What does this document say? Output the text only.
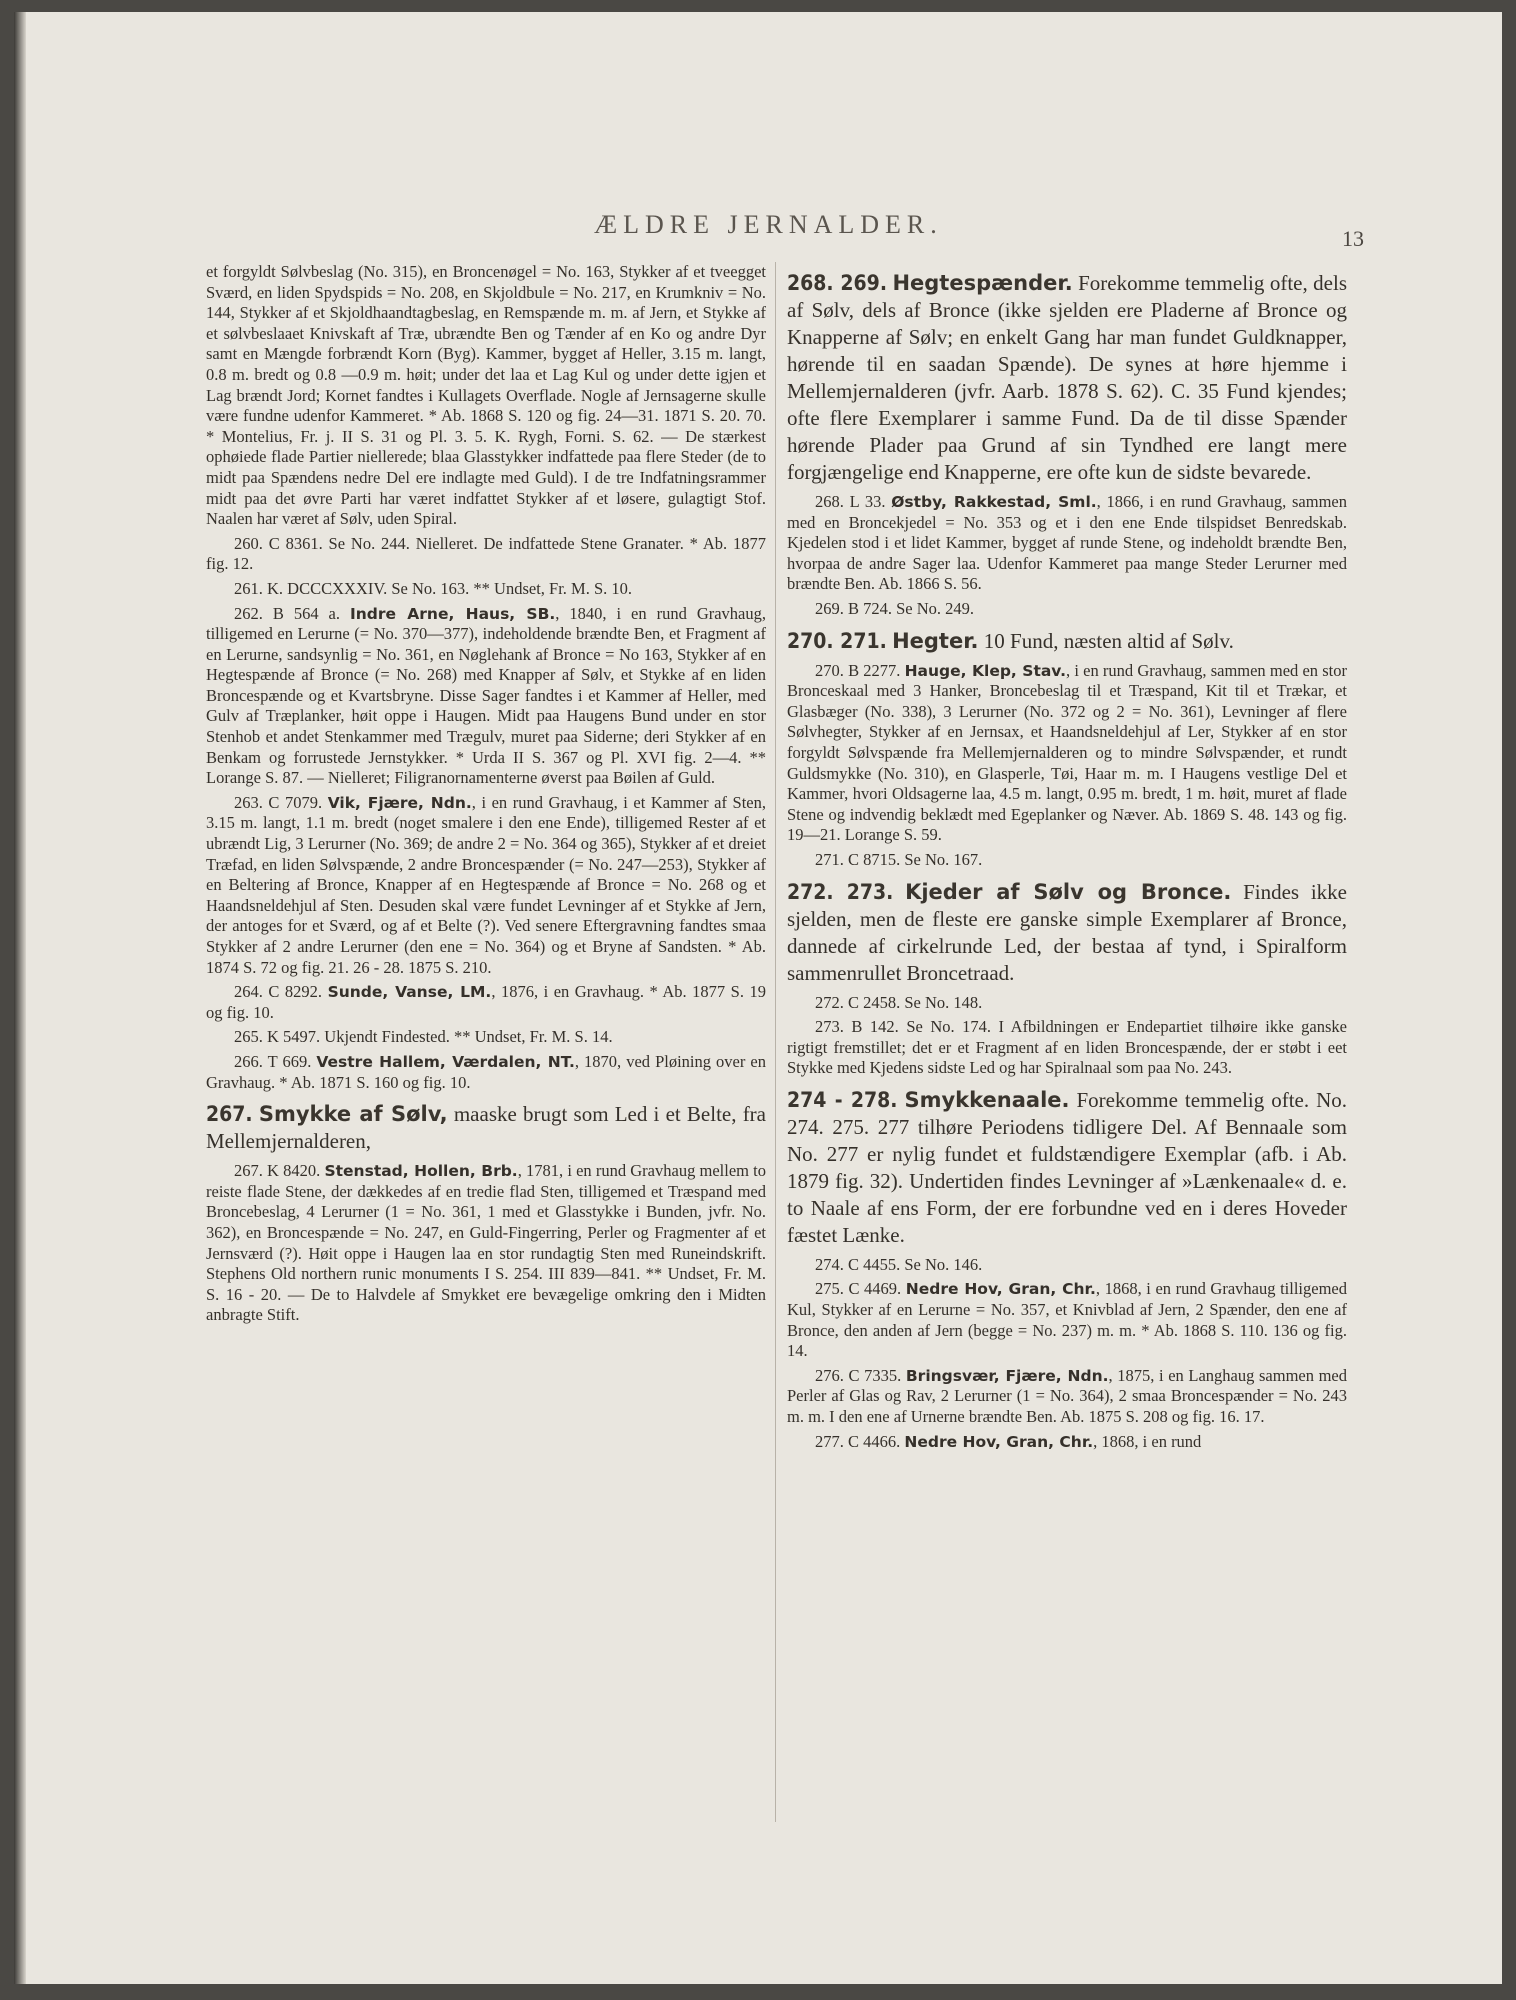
ÆLDRE JERNALDER.	13

et forgyldt Sølvbeslag (No. 315), en Broncenøgel = No. 163, Stykker af et tveegget Sværd, en liden Spydspids = No. 208, en Skjoldbule = No. 217, en Krumkniv = No. 144, Stykker af et Skjoldhaandtagbeslag, en Remspænde m. m. af Jern, et Stykke af et sølvbeslaaet Knivskaft af Træ, ubrændte Ben og Tænder af en Ko og andre Dyr samt en Mængde forbrændt Korn (Byg). Kammer, bygget af Heller, 3.15 m. langt, 0.8 m. bredt og 0.8 —0.9 m. høit; under det laa et Lag Kul og under dette igjen et Lag brændt Jord; Kornet fandtes i Kullagets Overflade. Nogle af Jernsagerne skulle være fundne udenfor Kammeret. * Ab. 1868 S. 120 og fig. 24—31. 1871 S. 20. 70. * Montelius, Fr. j. II S. 31 og Pl. 3. 5. K. Rygh, Forni. S. 62. — De stærkest ophøiede flade Partier niellerede; blaa Glasstykker indfattede paa flere Steder (de to midt paa Spændens nedre Del ere indlagte med Guld). I de tre Indfatningsrammer midt paa det øvre Parti har været indfattet Stykker af et løsere, gulagtigt Stof. Naalen har været af Sølv, uden Spiral.

260. C 8361. Se No. 244. Nielleret. De indfattede Stene Granater. * Ab. 1877 fig. 12.

261. K. DCCCXXXIV. Se No. 163. ** Undset, Fr. M. S. 10.

262. B 564 a. Indre Arne, Haus, SB., 1840, i en rund Gravhaug, tilligemed en Lerurne (= No. 370—377), indeholdende brændte Ben, et Fragment af en Lerurne, sandsynlig = No. 361, en Nøglehank af Bronce = No 163, Stykker af en Hegtespænde af Bronce (= No. 268) med Knapper af Sølv, et Stykke af en liden Broncespænde og et Kvartsbryne. Disse Sager fandtes i et Kammer af Heller, med Gulv af Træplanker, høit oppe i Haugen. Midt paa Haugens Bund under en stor Stenhob et andet Stenkammer med Trægulv, muret paa Siderne; deri Stykker af en Benkam og forrustede Jernstykker. * Urda II S. 367 og Pl. XVI fig. 2—4. ** Lorange S. 87. — Nielleret; Filigranornamenterne øverst paa Bøilen af Guld.

263. C 7079. Vik, Fjære, Ndn., i en rund Gravhaug, i et Kammer af Sten, 3.15 m. langt, 1.1 m. bredt (noget smalere i den ene Ende), tilligemed Rester af et ubrændt Lig, 3 Lerurner (No. 369; de andre 2 = No. 364 og 365), Stykker af et dreiet Træfad, en liden Sølvspænde, 2 andre Broncespænder (= No. 247—253), Stykker af en Beltering af Bronce, Knapper af en Hegtespænde af Bronce = No. 268 og et Haandsneldehjul af Sten. Desuden skal være fundet Levninger af et Stykke af Jern, der antoges for et Sværd, og af et Belte (?). Ved senere Eftergravning fandtes smaa Stykker af 2 andre Lerurner (den ene = No. 364) og et Bryne af Sandsten. * Ab. 1874 S. 72 og fig. 21. 26 - 28. 1875 S. 210.

264. C 8292. Sunde, Vanse, LM., 1876, i en Gravhaug. * Ab. 1877 S. 19 og fig. 10.

265. K 5497. Ukjendt Findested. ** Undset, Fr. M. S. 14.

266. T 669. Vestre Hallem, Værdalen, NT., 1870, ved Pløining over en Gravhaug. * Ab. 1871 S. 160 og fig. 10.

267. Smykke af Sølv, maaske brugt som Led i et Belte, fra Mellemjernalderen,

267. K 8420. Stenstad, Hollen, Brb., 1781, i en rund Gravhaug mellem to reiste flade Stene, der dækkedes af en tredie flad Sten, tilligemed et Træspand med Broncebeslag, 4 Lerurner (1 = No. 361, 1 med et Glasstykke i Bunden, jvfr. No. 362), en Broncespænde = No. 247, en Guld-Fingerring, Perler og Fragmenter af et Jernsværd (?). Høit oppe i Haugen laa en stor rundagtig Sten med Runeindskrift. Stephens Old northern runic monuments I S. 254. III 839—841. ** Undset, Fr. M. S. 16 - 20. — De to Halvdele af Smykket ere bevægelige omkring den i Midten anbragte Stift.

268. 269. Hegtespænder. Forekomme temmelig ofte, dels af Sølv, dels af Bronce (ikke sjelden ere Pladerne af Bronce og Knapperne af Sølv; en enkelt Gang har man fundet Guldknapper, hørende til en saadan Spænde). De synes at høre hjemme i Mellemjernalderen (jvfr. Aarb. 1878 S. 62). C. 35 Fund kjendes; ofte flere Exemplarer i samme Fund. Da de til disse Spænder hørende Plader paa Grund af sin Tyndhed ere langt mere forgjængelige end Knapperne, ere ofte kun de sidste bevarede.

268. L 33. Østby, Rakkestad, Sml., 1866, i en rund Gravhaug, sammen med en Broncekjedel = No. 353 og et i den ene Ende tilspidset Benredskab. Kjedelen stod i et lidet Kammer, bygget af runde Stene, og indeholdt brændte Ben, hvorpaa de andre Sager laa. Udenfor Kammeret paa mange Steder Lerurner med brændte Ben. Ab. 1866 S. 56.

269. B 724. Se No. 249.

270. 271. Hegter. 10 Fund, næsten altid af Sølv.

270. B 2277. Hauge, Klep, Stav., i en rund Gravhaug, sammen med en stor Bronceskaal med 3 Hanker, Broncebeslag til et Træspand, Kit til et Trækar, et Glasbæger (No. 338), 3 Lerurner (No. 372 og 2 = No. 361), Levninger af flere Sølvhegter, Stykker af en Jernsax, et Haandsneldehjul af Ler, Stykker af en stor forgyldt Sølvspænde fra Mellemjernalderen og to mindre Sølvspænder, et rundt Guldsmykke (No. 310), en Glasperle, Tøi, Haar m. m. I Haugens vestlige Del et Kammer, hvori Oldsagerne laa, 4.5 m. langt, 0.95 m. bredt, 1 m. høit, muret af flade Stene og indvendig beklædt med Egeplanker og Næver. Ab. 1869 S. 48. 143 og fig. 19—21. Lorange S. 59.

271. C 8715. Se No. 167.

272. 273. Kjeder af Sølv og Bronce. Findes ikke sjelden, men de fleste ere ganske simple Exemplarer af Bronce, dannede af cirkelrunde Led, der bestaa af tynd, i Spiralform sammenrullet Broncetraad.

272. C 2458. Se No. 148.

273. B 142. Se No. 174. I Afbildningen er Endepartiet tilhøire ikke ganske rigtigt fremstillet; det er et Fragment af en liden Broncespænde, der er støbt i eet Stykke med Kjedens sidste Led og har Spiralnaal som paa No. 243.

274 - 278. Smykkenaale. Forekomme temmelig ofte. No. 274. 275. 277 tilhøre Periodens tidligere Del. Af Bennaale som No. 277 er nylig fundet et fuldstændigere Exemplar (afb. i Ab. 1879 fig. 32). Undertiden findes Levninger af »Lænkenaale« d. e. to Naale af ens Form, der ere forbundne ved en i deres Hoveder fæstet Lænke.

274. C 4455. Se No. 146.

275. C 4469. Nedre Hov, Gran, Chr., 1868, i en rund Gravhaug tilligemed Kul, Stykker af en Lerurne = No. 357, et Knivblad af Jern, 2 Spænder, den ene af Bronce, den anden af Jern (begge = No. 237) m. m. * Ab. 1868 S. 110. 136 og fig. 14.

276. C 7335. Bringsvær, Fjære, Ndn., 1875, i en Langhaug sammen med Perler af Glas og Rav, 2 Lerurner (1 = No. 364), 2 smaa Broncespænder = No. 243 m. m. I den ene af Urnerne brændte Ben. Ab. 1875 S. 208 og fig. 16. 17.

277. C 4466. Nedre Hov, Gran, Chr., 1868, i en rund
